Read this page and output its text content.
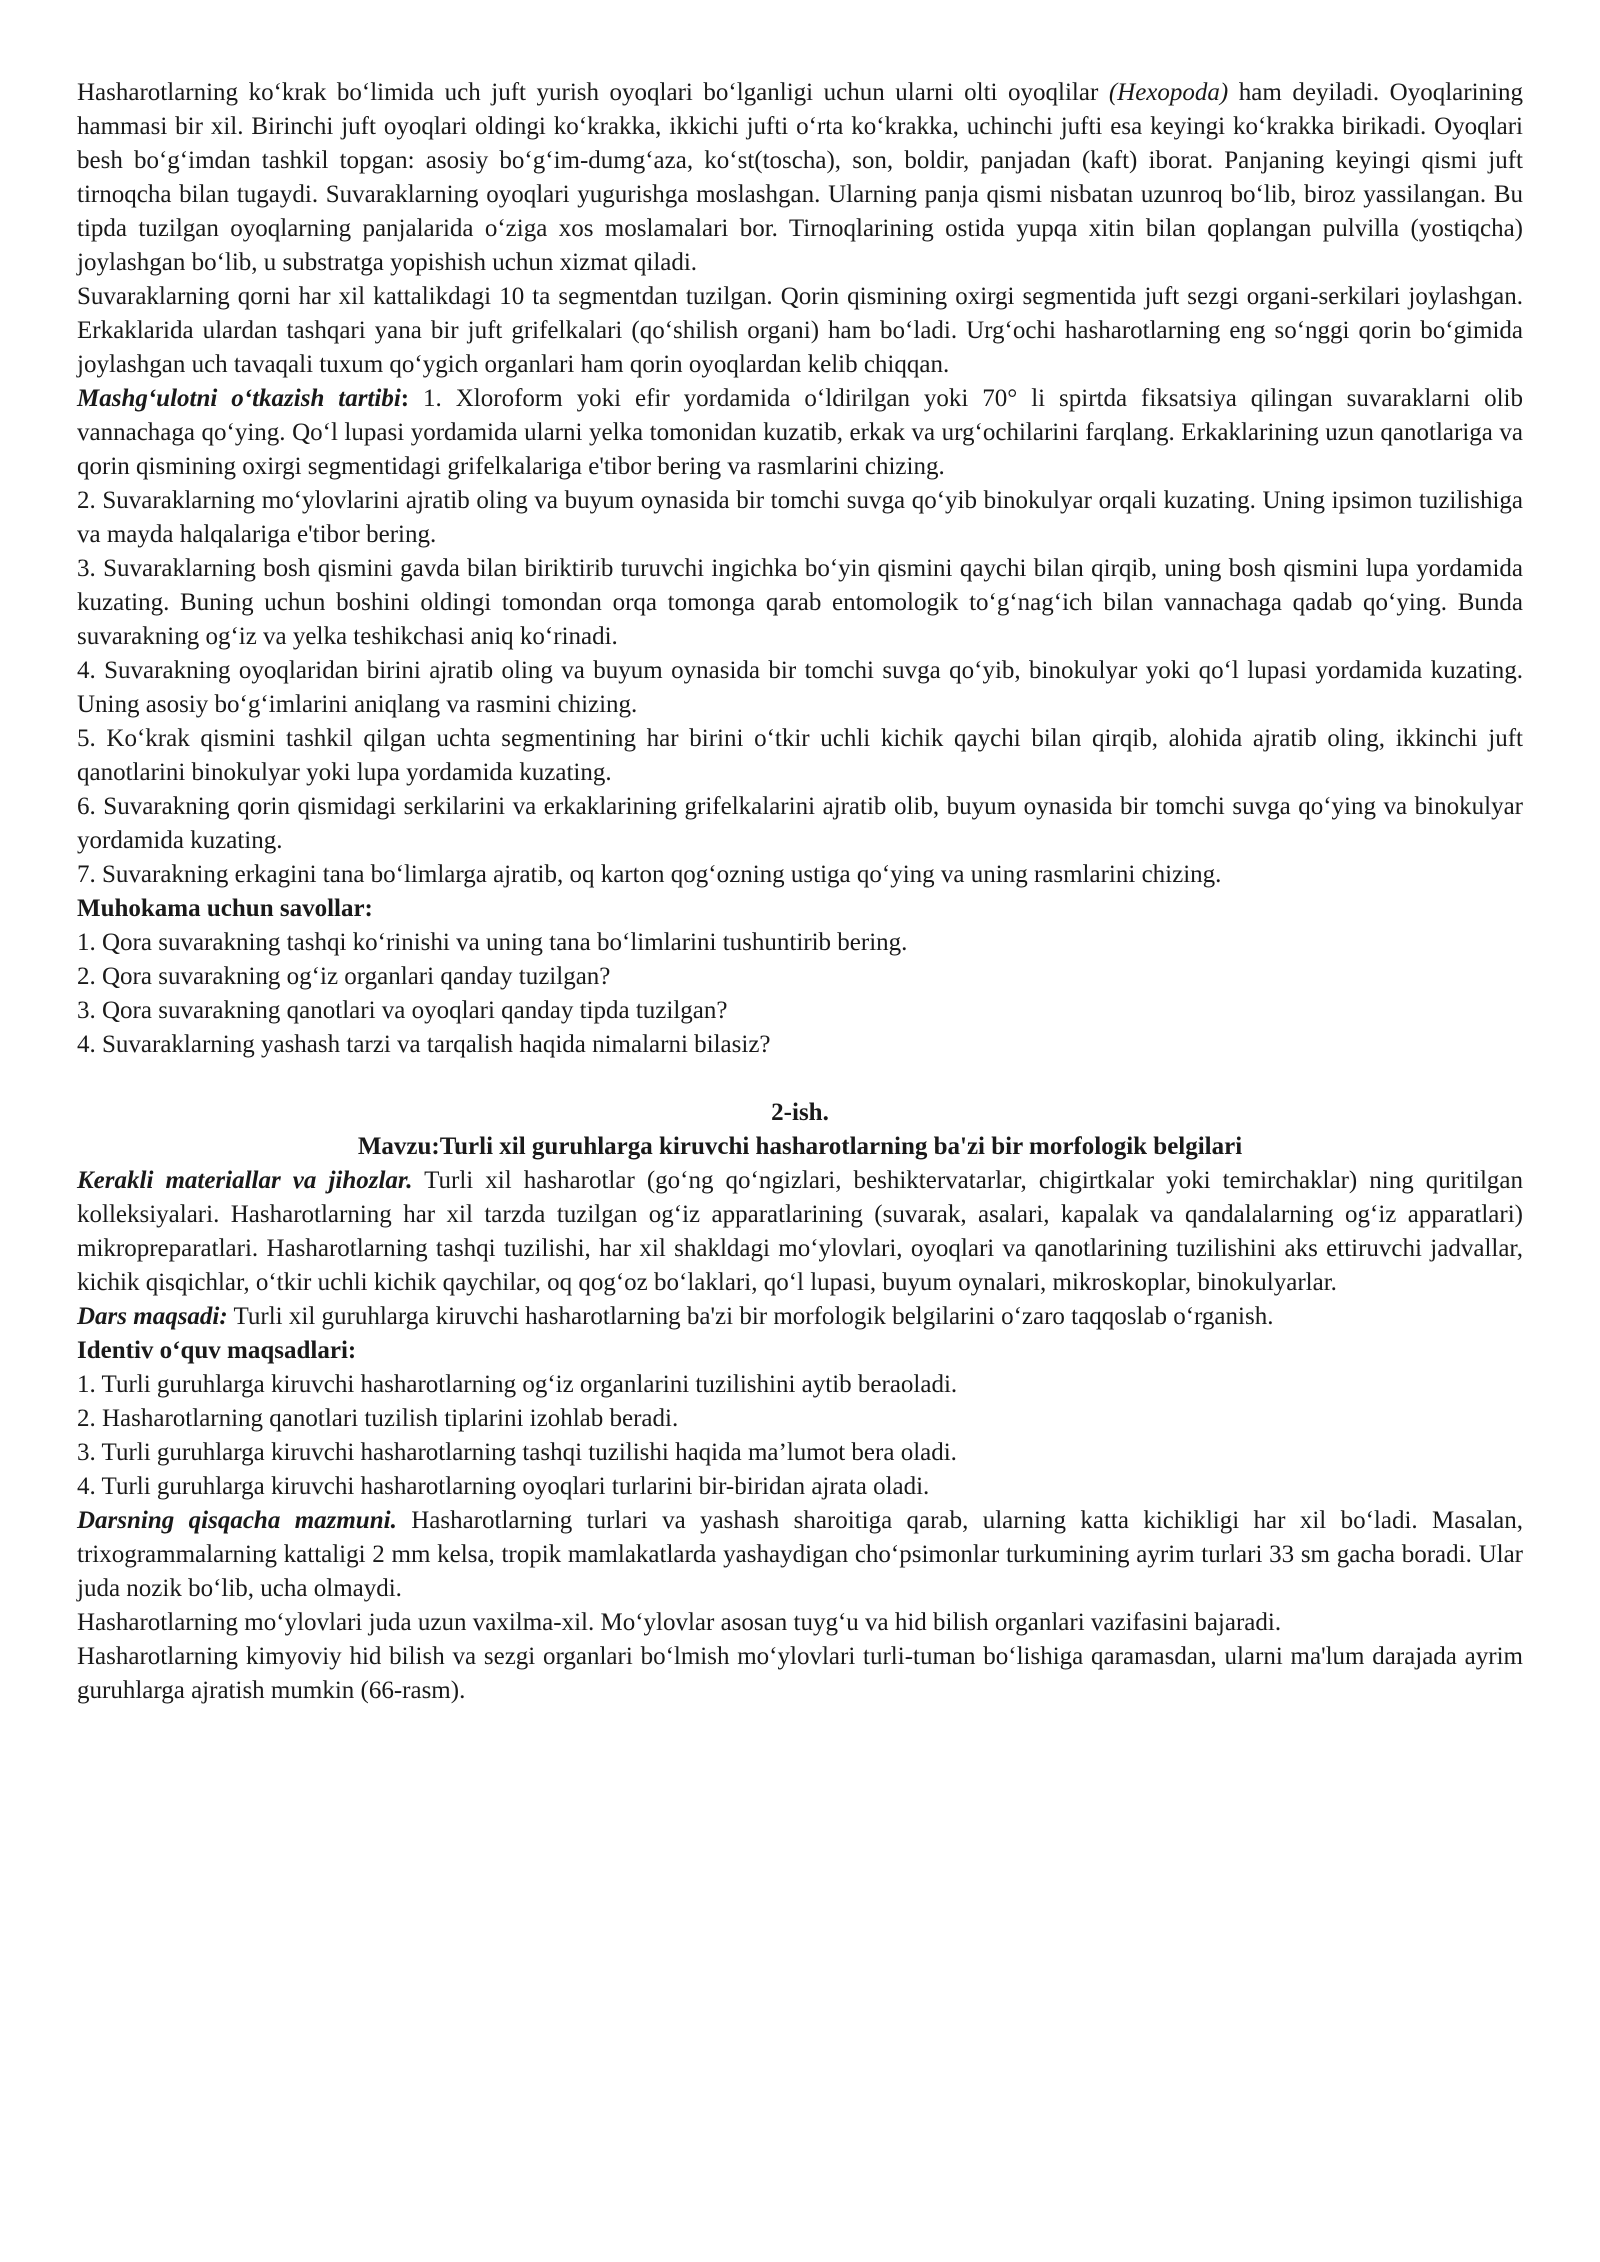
Hasharotlarning ko‘krak bo‘limida uch juft yurish oyoqlari bo‘lganligi uchun ularni olti oyoqlilar (Hexopoda) ham deyiladi. Oyoqlarining hammasi bir xil. Birinchi juft oyoqlari oldingi ko‘krakka, ikkichi jufti o‘rta ko‘krakka, uchinchi jufti esa keyingi ko‘krakka birikadi. Oyoqlari besh bo‘g‘imdan tashkil topgan: asosiy bo‘g‘im-dumg‘aza, ko‘st(toscha), son, boldir, panjadan (kaft) iborat. Panjaning keyingi qismi juft tirnoqcha bilan tugaydi. Suvaraklarning oyoqlari yugurishga moslashgan. Ularning panja qismi nisbatan uzunroq bo‘lib, biroz yassilangan. Bu tipda tuzilgan oyoqlarning panjalarida o‘ziga xos moslamalari bor. Tirnoqlarining ostida yupqa xitin bilan qoplangan pulvilla (yostiqcha) joylashgan bo‘lib, u substratga yopishish uchun xizmat qiladi.

Suvaraklarning qorni har xil kattalikdagi 10 ta segmentdan tuzilgan. Qorin qismining oxirgi segmentida juft sezgi organi-serkilari joylashgan. Erkaklarida ulardan tashqari yana bir juft grifelkalari (qo‘shilish organi) ham bo‘ladi. Urg‘ochi hasharotlarning eng so‘nggi qorin bo‘gimida joylashgan uch tavaqali tuxum qo‘ygich organlari ham qorin oyoqlardan kelib chiqqan.

Mashg‘ulotni o‘tkazish tartibi: 1. Xloroform yoki efir yordamida o‘ldirilgan yoki 70° li spirtda fiksatsiya qilingan suvaraklarni olib vannachaga qo‘ying. Qo‘l lupasi yordamida ularni yelka tomonidan kuzatib, erkak va urg‘ochilarini farqlang. Erkaklarining uzun qanotlariga va qorin qismining oxirgi segmentidagi grifelkalariga e'tibor bering va rasmlarini chizing.

2. Suvaraklarning mo‘ylovlarini ajratib oling va buyum oynasida bir tomchi suvga qo‘yib binokulyar orqali kuzating. Uning ipsimon tuzilishiga va mayda halqalariga e'tibor bering.

3. Suvaraklarning bosh qismini gavda bilan biriktirib turuvchi ingichka bo‘yin qismini qaychi bilan qirqib, uning bosh qismini lupa yordamida kuzating. Buning uchun boshini oldingi tomondan orqa tomonga qarab entomologik to‘g‘nag‘ich bilan vannachaga qadab qo‘ying. Bunda suvarakning og‘iz va yelka teshikchasi aniq ko‘rinadi.

4. Suvarakning oyoqlaridan birini ajratib oling va buyum oynasida bir tomchi suvga qo‘yib, binokulyar yoki qo‘l lupasi yordamida kuzating. Uning asosiy bo‘g‘imlarini aniqlang va rasmini chizing.

5. Ko‘krak qismini tashkil qilgan uchta segmentining har birini o‘tkir uchli kichik qaychi bilan qirqib, alohida ajratib oling, ikkinchi juft qanotlarini binokulyar yoki lupa yordamida kuzating.

6. Suvarakning qorin qismidagi serkilarini va erkaklarining grifelkalarini ajratib olib, buyum oynasida bir tomchi suvga qo‘ying va binokulyar yordamida kuzating.

7. Suvarakning erkagini tana bo‘limlarga ajratib, oq karton qog‘ozning ustiga qo‘ying va uning rasmlarini chizing.

Muhokama uchun savollar:

1. Qora suvarakning tashqi ko‘rinishi va uning tana bo‘limlarini tushuntirib bering.

2. Qora suvarakning og‘iz organlari qanday tuzilgan?

3. Qora suvarakning qanotlari va oyoqlari qanday tipda tuzilgan?

4. Suvaraklarning yashash tarzi va tarqalish haqida nimalarni bilasiz?

2-ish.

Mavzu:Turli xil guruhlarga kiruvchi hasharotlarning ba'zi bir morfologik belgilari

Kerakli materiallar va jihozlar. Turli xil hasharotlar (go‘ng qo‘ngizlari, beshiktervatarlar, chigirtkalar yoki temirchaklar) ning quritilgan kolleksiyalari. Hasharotlarning har xil tarzda tuzilgan og‘iz apparatlarining (suvarak, asalari, kapalak va qandalalarning og‘iz apparatlari) mikropreparatlari. Hasharotlarning tashqi tuzilishi, har xil shakldagi mo‘ylovlari, oyoqlari va qanotlarining tuzilishini aks ettiruvchi jadvallar, kichik qisqichlar, o‘tkir uchli kichik qaychilar, oq qog‘oz bo‘laklari, qo‘l lupasi, buyum oynalari, mikroskoplar, binokulyarlar.

Dars maqsadi: Turli xil guruhlarga kiruvchi hasharotlarning ba'zi bir morfologik belgilarini o‘zaro taqqoslab o‘rganish.

Identiv o‘quv maqsadlari:

1. Turli guruhlarga kiruvchi hasharotlarning og‘iz organlarini tuzilishini aytib beraoladi.

2. Hasharotlarning qanotlari tuzilish tiplarini izohlab beradi.

3. Turli guruhlarga kiruvchi hasharotlarning tashqi tuzilishi haqida ma’lumot bera oladi.

4. Turli guruhlarga kiruvchi hasharotlarning oyoqlari turlarini bir-biridan ajrata oladi.

Darsning qisqacha mazmuni. Hasharotlarning turlari va yashash sharoitiga qarab, ularning katta kichikligi har xil bo‘ladi. Masalan, trixogrammalarning kattaligi 2 mm kelsa, tropik mamlakatlarda yashaydigan cho‘psimonlar turkumining ayrim turlari 33 sm gacha boradi. Ular juda nozik bo‘lib, ucha olmaydi.

Hasharotlarning mo‘ylovlari juda uzun vaxilma-xil. Mo‘ylovlar asosan tuyg‘u va hid bilish organlari vazifasini bajaradi.

Hasharotlarning kimyoviy hid bilish va sezgi organlari bo‘lmish mo‘ylovlari turli-tuman bo‘lishiga qaramasdan, ularni ma'lum darajada ayrim guruhlarga ajratish mumkin (66-rasm).
